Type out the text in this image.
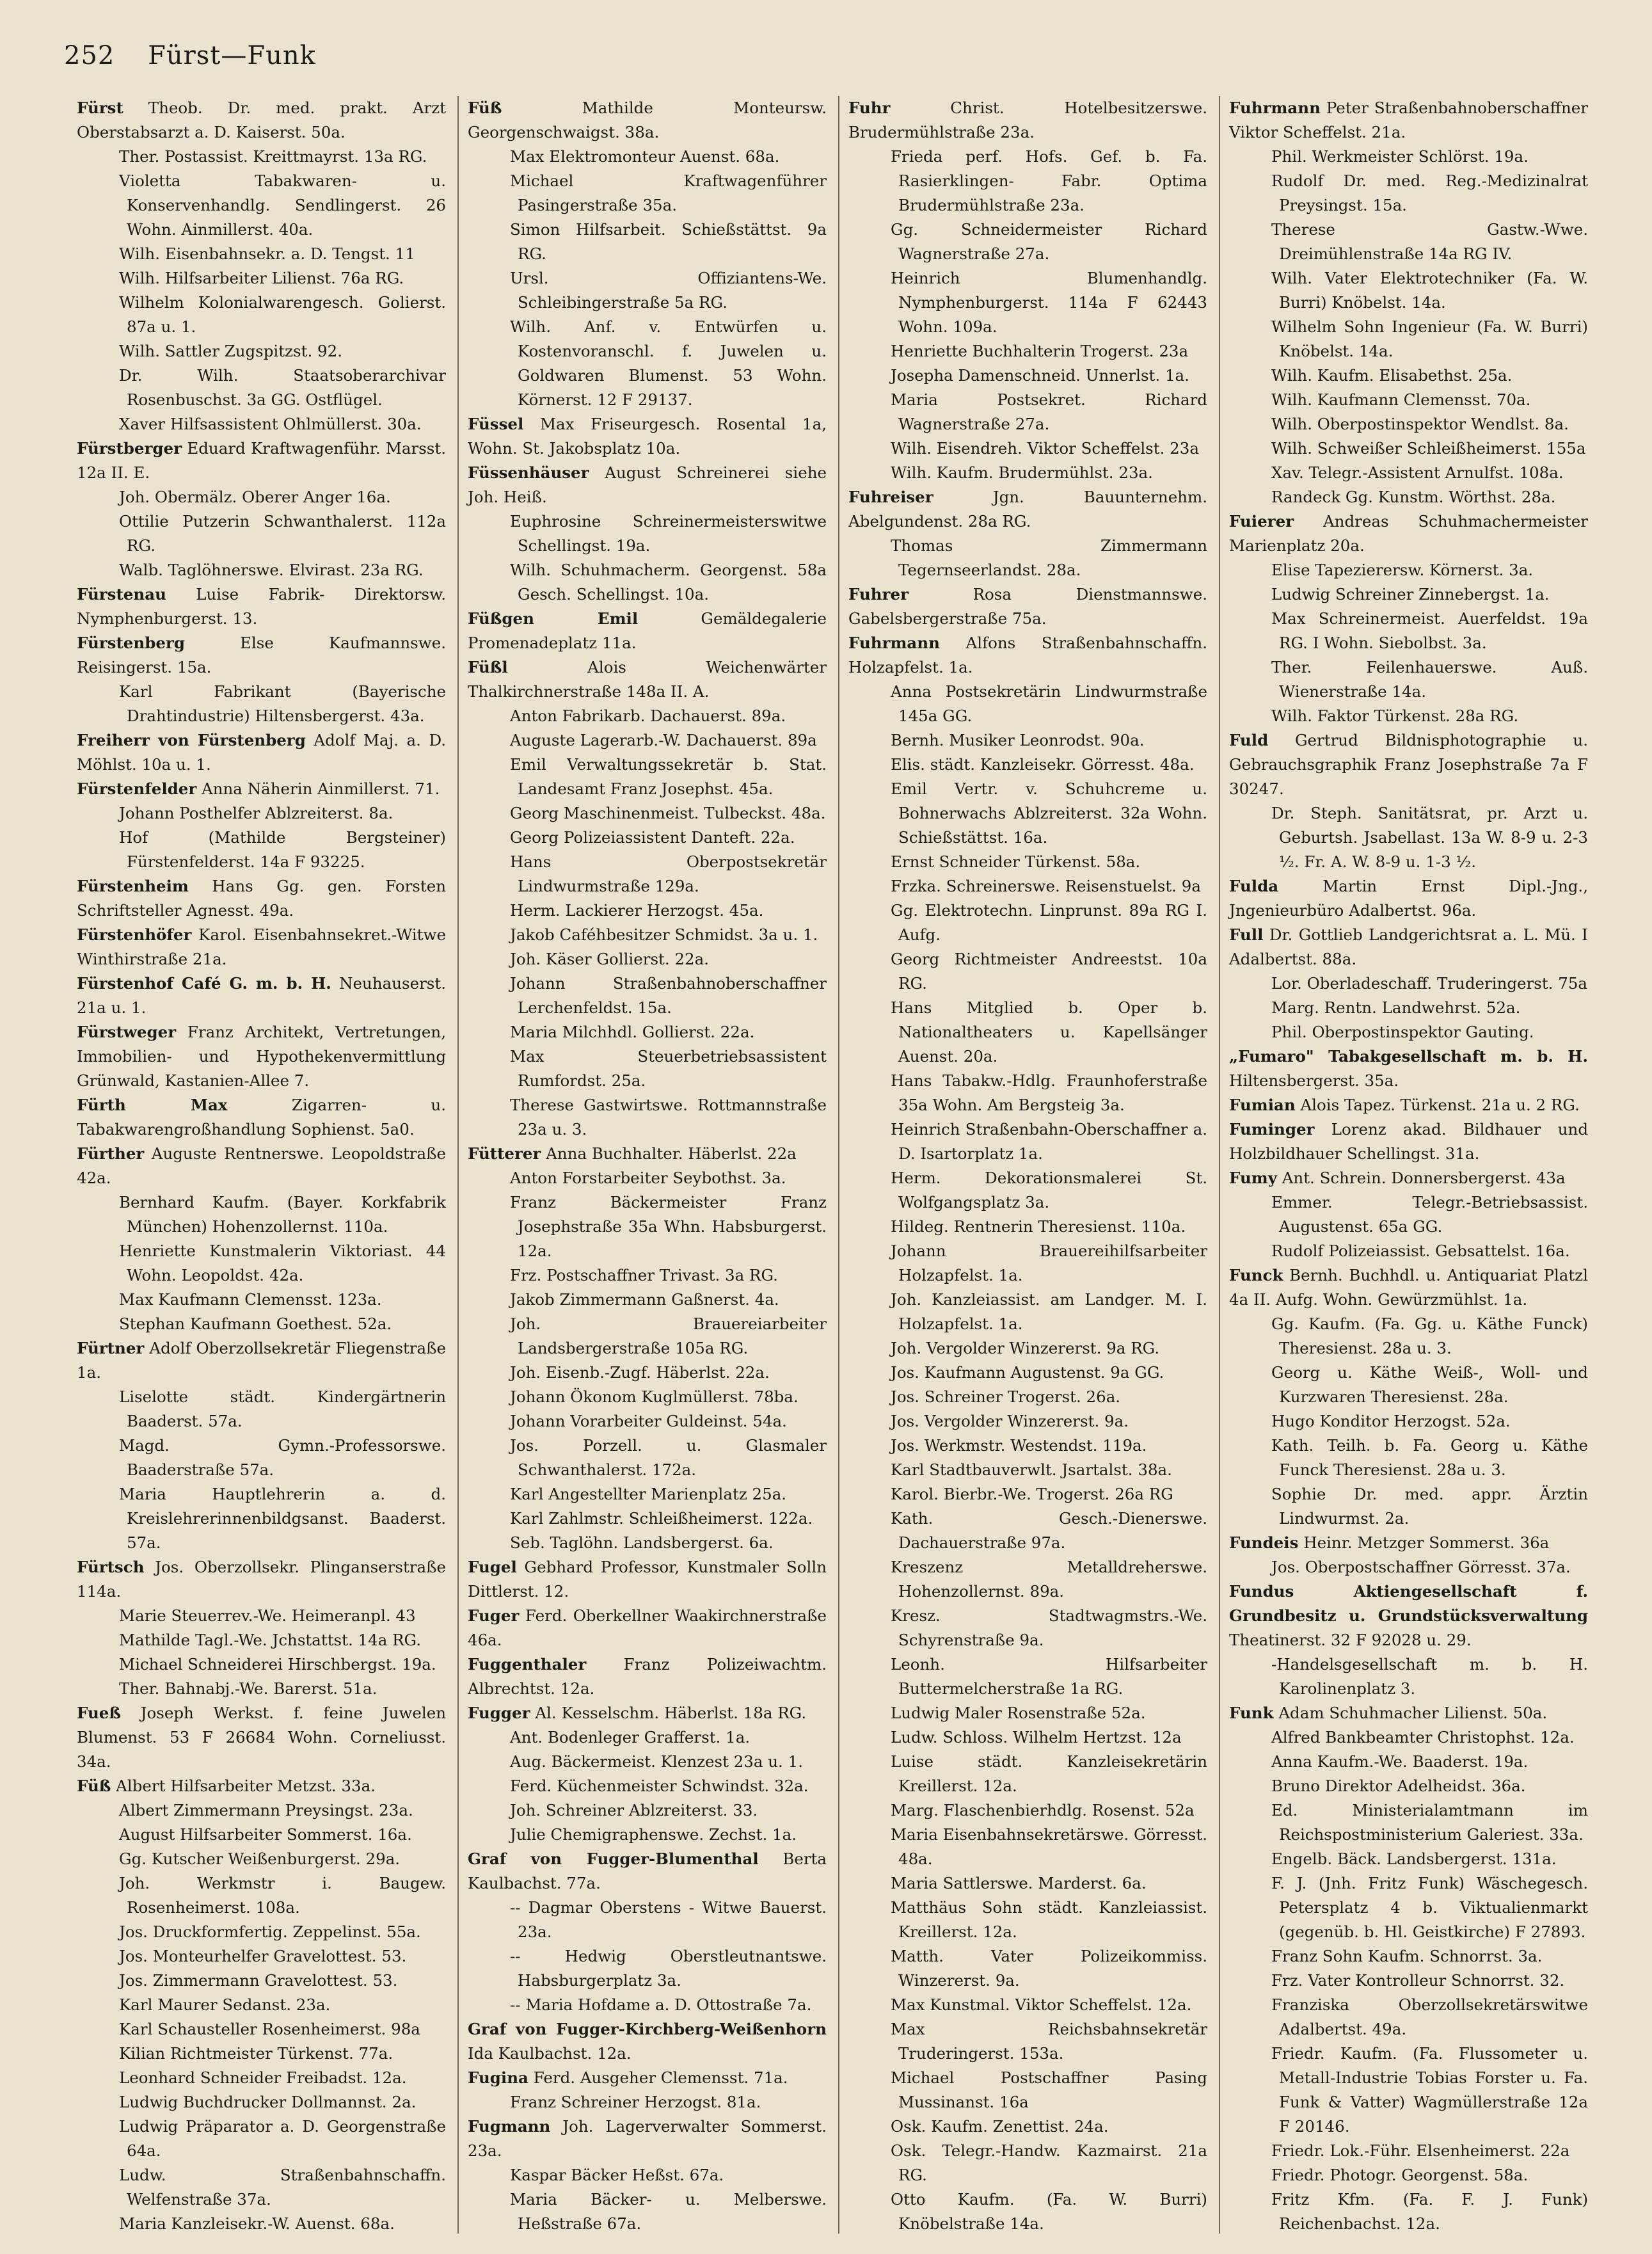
252 Fürst—Funk

Fürst Theob. Dr. med. prakt. Arzt Oberstabsarzt a. D. Kaiserst. 50a.

Ther. Postassist. Kreittmayrst. 13a RG.

Violetta Tabakwaren- u. Konservenhandlg. Sendlingerst. 26 Wohn. Ainmillerst. 40a.

Wilh. Eisenbahnsekr. a. D. Tengst. 11

Wilh. Hilfsarbeiter Lilienst. 76a RG.

Wilhelm Kolonialwarengesch. Golierst. 87a u. 1.

Wilh. Sattler Zugspitzst. 92.

Dr. Wilh. Staatsoberarchivar Rosenbuschst. 3a GG. Ostflügel.

Xaver Hilfsassistent Ohlmüllerst. 30a.

Fürstberger Eduard Kraftwagenführ. Marsst. 12a II. E.

Joh. Obermälz. Oberer Anger 16a.

Ottilie Putzerin Schwanthalerst. 112a RG.

Walb. Taglöhnerswe. Elvirast. 23a RG.

Fürstenau Luise Fabrik- Direktorsw. Nymphenburgerst. 13.

Fürstenberg Else Kaufmannswe. Reisingerst. 15a.

Karl Fabrikant (Bayerische Drahtindustrie) Hiltensbergerst. 43a.

Freiherr von Fürstenberg Adolf Maj. a. D. Möhlst. 10a u. 1.

Fürstenfelder Anna Näherin Ainmillerst. 71.

Johann Posthelfer Ablzreiterst. 8a.

Hof (Mathilde Bergsteiner) Fürstenfelderst. 14a F 93225.

Fürstenheim Hans Gg. gen. Forsten Schriftsteller Agnesst. 49a.

Fürstenhöfer Karol. Eisenbahnsekret.-Witwe Winthirstraße 21a.

Fürstenhof Café G. m. b. H. Neuhauserst. 21a u. 1.

Fürstweger Franz Architekt, Vertretungen, Immobilien- und Hypothekenvermittlung Grünwald, Kastanien-Allee 7.

Fürth Max Zigarren- u. Tabakwarengroßhandlung Sophienst. 5a0.

Fürther Auguste Rentnerswe. Leopoldstraße 42a.

Bernhard Kaufm. (Bayer. Korkfabrik München) Hohenzollernst. 110a.

Henriette Kunstmalerin Viktoriast. 44 Wohn. Leopoldst. 42a.

Max Kaufmann Clemensst. 123a.

Stephan Kaufmann Goethest. 52a.

Fürtner Adolf Oberzollsekretär Fliegenstraße 1a.

Liselotte städt. Kindergärtnerin Baaderst. 57a.

Magd. Gymn.-Professorswe. Baaderstraße 57a.

Maria Hauptlehrerin a. d. Kreislehrerinnenbildgsanst. Baaderst. 57a.

Fürtsch Jos. Oberzollsekr. Plinganserstraße 114a.

Marie Steuerrev.-We. Heimeranpl. 43

Mathilde Tagl.-We. Jchstattst. 14a RG.

Michael Schneiderei Hirschbergst. 19a.

Ther. Bahnabj.-We. Barerst. 51a.

Fueß Joseph Werkst. f. feine Juwelen Blumenst. 53 F 26684 Wohn. Corneliusst. 34a.

Füß Albert Hilfsarbeiter Metzst. 33a.

Albert Zimmermann Preysingst. 23a.

August Hilfsarbeiter Sommerst. 16a.

Gg. Kutscher Weißenburgerst. 29a.

Joh. Werkmstr i. Baugew. Rosenheimerst. 108a.

Jos. Druckformfertig. Zeppelinst. 55a.

Jos. Monteurhelfer Gravelottest. 53.

Jos. Zimmermann Gravelottest. 53.

Karl Maurer Sedanst. 23a.

Karl Schausteller Rosenheimerst. 98a

Kilian Richtmeister Türkenst. 77a.

Leonhard Schneider Freibadst. 12a.

Ludwig Buchdrucker Dollmannst. 2a.

Ludwig Präparator a. D. Georgenstraße 64a.

Ludw. Straßenbahnschaffn. Welfenstraße 37a.

Maria Kanzleisekr.-W. Auenst. 68a.

Füß Mathilde Monteursw. Georgenschwaigst. 38a.

Max Elektromonteur Auenst. 68a.

Michael Kraftwagenführer Pasingerstraße 35a.

Simon Hilfsarbeit. Schießstättst. 9a RG.

Ursl. Offiziantens-We. Schleibingerstraße 5a RG.

Wilh. Anf. v. Entwürfen u. Kostenvoranschl. f. Juwelen u. Goldwaren Blumenst. 53 Wohn. Körnerst. 12 F 29137.

Füssel Max Friseurgesch. Rosental 1a, Wohn. St. Jakobsplatz 10a.

Füssenhäuser August Schreinerei siehe Joh. Heiß.

Euphrosine Schreinermeisterswitwe Schellingst. 19a.

Wilh. Schuhmacherm. Georgenst. 58a Gesch. Schellingst. 10a.

Füßgen Emil Gemäldegalerie Promenadeplatz 11a.

Füßl Alois Weichenwärter Thalkirchnerstraße 148a II. A.

Anton Fabrikarb. Dachauerst. 89a.

Auguste Lagerarb.-W. Dachauerst. 89a

Emil Verwaltungssekretär b. Stat. Landesamt Franz Josephst. 45a.

Georg Maschinenmeist. Tulbeckst. 48a.

Georg Polizeiassistent Danteft. 22a.

Hans Oberpostsekretär Lindwurmstraße 129a.

Herm. Lackierer Herzogst. 45a.

Jakob Caféhbesitzer Schmidst. 3a u. 1.

Joh. Käser Gollierst. 22a.

Johann Straßenbahnoberschaffner Lerchenfeldst. 15a.

Maria Milchhdl. Gollierst. 22a.

Max Steuerbetriebsassistent Rumfordst. 25a.

Therese Gastwirtswe. Rottmannstraße 23a u. 3.

Fütterer Anna Buchhalter. Häberlst. 22a

Anton Forstarbeiter Seybothst. 3a.

Franz Bäckermeister Franz Josephstraße 35a Whn. Habsburgerst. 12a.

Frz. Postschaffner Trivast. 3a RG.

Jakob Zimmermann Gaßnerst. 4a.

Joh. Brauereiarbeiter Landsbergerstraße 105a RG.

Joh. Eisenb.-Zugf. Häberlst. 22a.

Johann Ökonom Kuglmüllerst. 78ba.

Johann Vorarbeiter Guldeinst. 54a.

Jos. Porzell. u. Glasmaler Schwanthalerst. 172a.

Karl Angestellter Marienplatz 25a.

Karl Zahlmstr. Schleißheimerst. 122a.

Seb. Taglöhn. Landsbergerst. 6a.

Fugel Gebhard Professor, Kunstmaler Solln Dittlerst. 12.

Fuger Ferd. Oberkellner Waakirchnerstraße 46a.

Fuggenthaler Franz Polizeiwachtm. Albrechtst. 12a.

Fugger Al. Kesselschm. Häberlst. 18a RG.

Ant. Bodenleger Grafferst. 1a.

Aug. Bäckermeist. Klenzest 23a u. 1.

Ferd. Küchenmeister Schwindst. 32a.

Joh. Schreiner Ablzreiterst. 33.

Julie Chemigraphenswe. Zechst. 1a.

Graf von Fugger-Blumenthal Berta Kaulbachst. 77a.

-- Dagmar Oberstens - Witwe Bauerst. 23a.

-- Hedwig Oberstleutnantswe. Habsburgerplatz 3a.

-- Maria Hofdame a. D. Ottostraße 7a.

Graf von Fugger-Kirchberg-Weißenhorn Ida Kaulbachst. 12a.

Fugina Ferd. Ausgeher Clemensst. 71a.

Franz Schreiner Herzogst. 81a.

Fugmann Joh. Lagerverwalter Sommerst. 23a.

Kaspar Bäcker Heßst. 67a.

Maria Bäcker- u. Melberswe. Heßstraße 67a.

Fuhr Christ. Hotelbesitzerswe. Brudermühlstraße 23a.

Frieda perf. Hofs. Gef. b. Fa. Rasierklingen- Fabr. Optima Brudermühlstraße 23a.

Gg. Schneidermeister Richard Wagnerstraße 27a.

Heinrich Blumenhandlg. Nymphenburgerst. 114a F 62443 Wohn. 109a.

Henriette Buchhalterin Trogerst. 23a

Josepha Damenschneid. Unnerlst. 1a.

Maria Postsekret. Richard Wagnerstraße 27a.

Wilh. Eisendreh. Viktor Scheffelst. 23a

Wilh. Kaufm. Brudermühlst. 23a.

Fuhreiser Jgn. Bauunternehm. Abelgundenst. 28a RG.

Thomas Zimmermann Tegernseerlandst. 28a.

Fuhrer Rosa Dienstmannswe. Gabelsbergerstraße 75a.

Fuhrmann Alfons Straßenbahnschaffn. Holzapfelst. 1a.

Anna Postsekretärin Lindwurmstraße 145a GG.

Bernh. Musiker Leonrodst. 90a.

Elis. städt. Kanzleisekr. Görresst. 48a.

Emil Vertr. v. Schuhcreme u. Bohnerwachs Ablzreiterst. 32a Wohn. Schießstättst. 16a.

Ernst Schneider Türkenst. 58a.

Frzka. Schreinerswe. Reisenstuelst. 9a

Gg. Elektrotechn. Linprunst. 89a RG I. Aufg.

Georg Richtmeister Andreestst. 10a RG.

Hans Mitglied b. Oper b. Nationaltheaters u. Kapellsänger Auenst. 20a.

Hans Tabakw.-Hdlg. Fraunhoferstraße 35a Wohn. Am Bergsteig 3a.

Heinrich Straßenbahn-Oberschaffner a. D. Isartorplatz 1a.

Herm. Dekorationsmalerei St. Wolfgangsplatz 3a.

Hildeg. Rentnerin Theresienst. 110a.

Johann Brauereihilfsarbeiter Holzapfelst. 1a.

Joh. Kanzleiassist. am Landger. M. I. Holzapfelst. 1a.

Joh. Vergolder Winzererst. 9a RG.

Jos. Kaufmann Augustenst. 9a GG.

Jos. Schreiner Trogerst. 26a.

Jos. Vergolder Winzererst. 9a.

Jos. Werkmstr. Westendst. 119a.

Karl Stadtbauverwlt. Jsartalst. 38a.

Karol. Bierbr.-We. Trogerst. 26a RG

Kath. Gesch.-Dienerswe. Dachauerstraße 97a.

Kreszenz Metalldreherswe. Hohenzollernst. 89a.

Kresz. Stadtwagmstrs.-We. Schyrenstraße 9a.

Leonh. Hilfsarbeiter Buttermelcherstraße 1a RG.

Ludwig Maler Rosenstraße 52a.

Ludw. Schloss. Wilhelm Hertzst. 12a

Luise städt. Kanzleisekretärin Kreillerst. 12a.

Marg. Flaschenbierhdlg. Rosenst. 52a

Maria Eisenbahnsekretärswe. Görresst. 48a.

Maria Sattlerswe. Marderst. 6a.

Matthäus Sohn städt. Kanzleiassist. Kreillerst. 12a.

Matth. Vater Polizeikommiss. Winzererst. 9a.

Max Kunstmal. Viktor Scheffelst. 12a.

Max Reichsbahnsekretär Truderingerst. 153a.

Michael Postschaffner Pasing Mussinanst. 16a

Osk. Kaufm. Zenettist. 24a.

Osk. Telegr.-Handw. Kazmairst. 21a RG.

Otto Kaufm. (Fa. W. Burri) Knöbelstraße 14a.

Fuhrmann Peter Straßenbahnoberschaffner Viktor Scheffelst. 21a.

Phil. Werkmeister Schlörst. 19a.

Rudolf Dr. med. Reg.-Medizinalrat Preysingst. 15a.

Therese Gastw.-Wwe. Dreimühlenstraße 14a RG IV.

Wilh. Vater Elektrotechniker (Fa. W. Burri) Knöbelst. 14a.

Wilhelm Sohn Ingenieur (Fa. W. Burri) Knöbelst. 14a.

Wilh. Kaufm. Elisabethst. 25a.

Wilh. Kaufmann Clemensst. 70a.

Wilh. Oberpostinspektor Wendlst. 8a.

Wilh. Schweißer Schleißheimerst. 155a

Xav. Telegr.-Assistent Arnulfst. 108a.

Randeck Gg. Kunstm. Wörthst. 28a.

Fuierer Andreas Schuhmachermeister Marienplatz 20a.

Elise Tapezierersw. Körnerst. 3a.

Ludwig Schreiner Zinnebergst. 1a.

Max Schreinermeist. Auerfeldst. 19a RG. I Wohn. Siebolbst. 3a.

Ther. Feilenhauerswe. Auß. Wienerstraße 14a.

Wilh. Faktor Türkenst. 28a RG.

Fuld Gertrud Bildnisphotographie u. Gebrauchsgraphik Franz Josephstraße 7a F 30247.

Dr. Steph. Sanitätsrat, pr. Arzt u. Geburtsh. Jsabellast. 13a W. 8-9 u. 2-3 ½. Fr. A. W. 8-9 u. 1-3 ½.

Fulda Martin Ernst Dipl.-Jng., Jngenieurbüro Adalbertst. 96a.

Full Dr. Gottlieb Landgerichtsrat a. L. Mü. I Adalbertst. 88a.

Lor. Oberladeschaff. Truderingerst. 75a

Marg. Rentn. Landwehrst. 52a.

Phil. Oberpostinspektor Gauting.

„Fumaro" Tabakgesellschaft m. b. H. Hiltensbergerst. 35a.

Fumian Alois Tapez. Türkenst. 21a u. 2 RG.

Fuminger Lorenz akad. Bildhauer und Holzbildhauer Schellingst. 31a.

Fumy Ant. Schrein. Donnersbergerst. 43a

Emmer. Telegr.-Betriebsassist. Augustenst. 65a GG.

Rudolf Polizeiassist. Gebsattelst. 16a.

Funck Bernh. Buchhdl. u. Antiquariat Platzl 4a II. Aufg. Wohn. Gewürzmühlst. 1a.

Gg. Kaufm. (Fa. Gg. u. Käthe Funck) Theresienst. 28a u. 3.

Georg u. Käthe Weiß-, Woll- und Kurzwaren Theresienst. 28a.

Hugo Konditor Herzogst. 52a.

Kath. Teilh. b. Fa. Georg u. Käthe Funck Theresienst. 28a u. 3.

Sophie Dr. med. appr. Ärztin Lindwurmst. 2a.

Fundeis Heinr. Metzger Sommerst. 36a

Jos. Oberpostschaffner Görresst. 37a.

Fundus Aktiengesellschaft f. Grundbesitz u. Grundstücksverwaltung Theatinerst. 32 F 92028 u. 29.

-Handelsgesellschaft m. b. H. Karolinenplatz 3.

Funk Adam Schuhmacher Lilienst. 50a.

Alfred Bankbeamter Christophst. 12a.

Anna Kaufm.-We. Baaderst. 19a.

Bruno Direktor Adelheidst. 36a.

Ed. Ministerialamtmann im Reichspostministerium Galeriest. 33a.

Engelb. Bäck. Landsbergerst. 131a.

F. J. (Jnh. Fritz Funk) Wäschegesch. Petersplatz 4 b. Viktualienmarkt (gegenüb. b. Hl. Geistkirche) F 27893.

Franz Sohn Kaufm. Schnorrst. 3a.

Frz. Vater Kontrolleur Schnorrst. 32.

Franziska Oberzollsekretärswitwe Adalbertst. 49a.

Friedr. Kaufm. (Fa. Flussometer u. Metall-Industrie Tobias Forster u. Fa. Funk & Vatter) Wagmüllerstraße 12a F 20146.

Friedr. Lok.-Führ. Elsenheimerst. 22a

Friedr. Photogr. Georgenst. 58a.

Fritz Kfm. (Fa. F. J. Funk) Reichenbachst. 12a.
